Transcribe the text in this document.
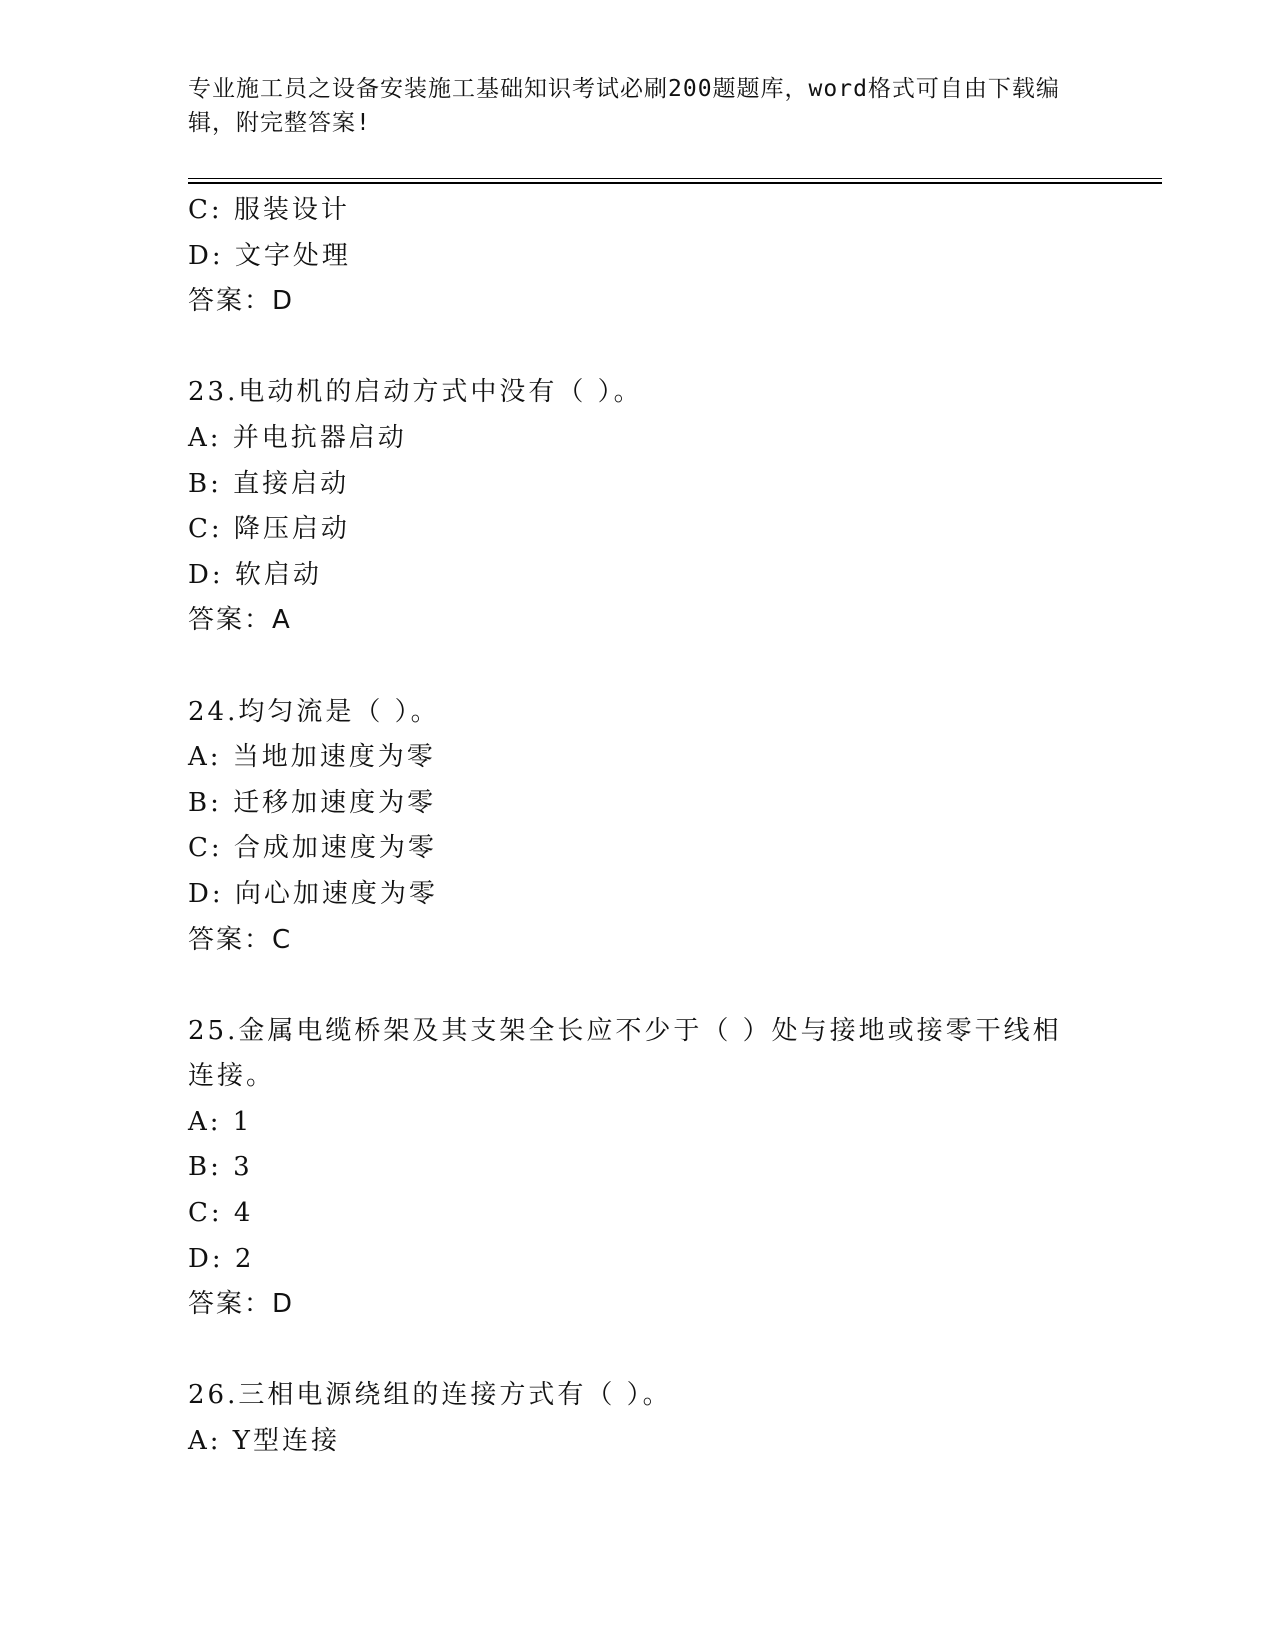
专业施工员之设备安装施工基础知识考试必刷200题题库，word格式可自由下载编辑，附完整答案!
C: 服装设计
D: 文字处理
答案：D
23.电动机的启动方式中没有（ ）。
A: 并电抗器启动
B: 直接启动
C: 降压启动
D: 软启动
答案：A
24.均匀流是（ ）。
A: 当地加速度为零
B: 迁移加速度为零
C: 合成加速度为零
D: 向心加速度为零
答案：C
25.金属电缆桥架及其支架全长应不少于（ ）处与接地或接零干线相连接。
A: 1
B: 3
C: 4
D: 2
答案：D
26.三相电源绕组的连接方式有（ ）。
A: Y型连接
